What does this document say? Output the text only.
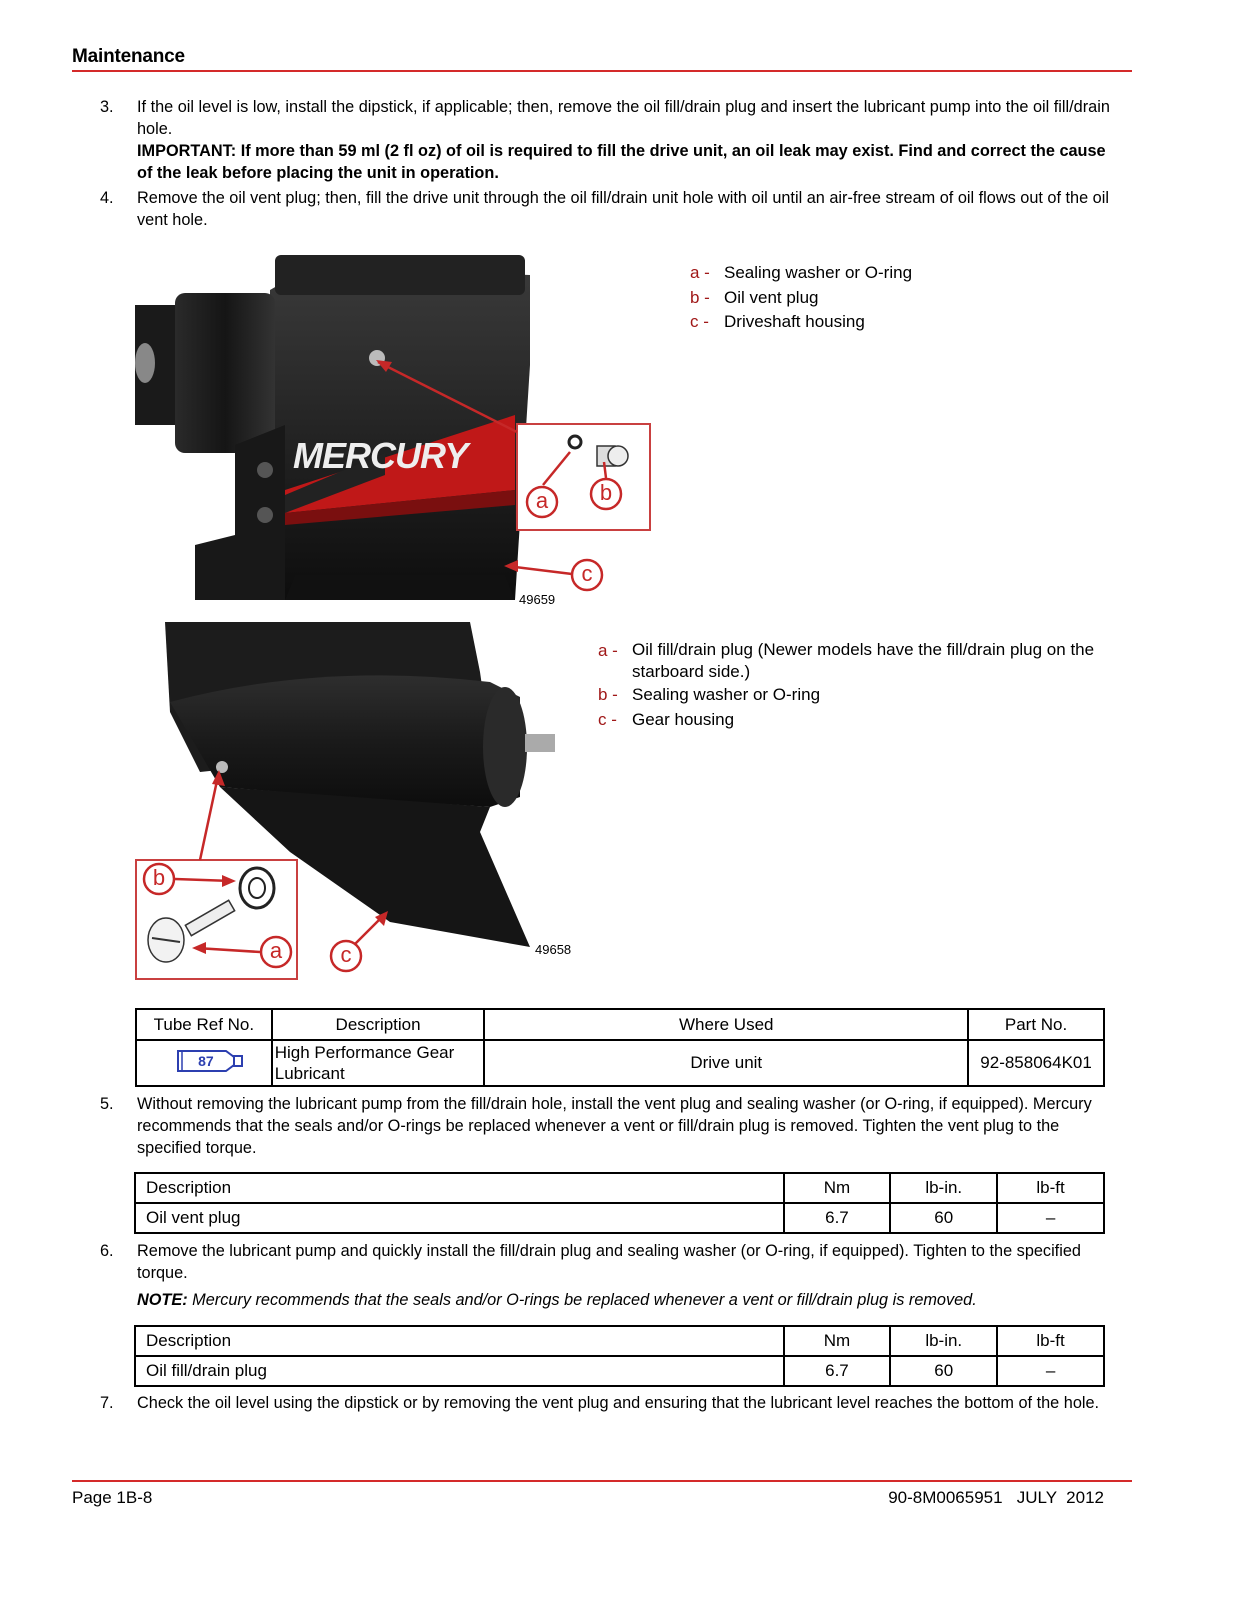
Maintenance
3.	If the oil level is low, install the dipstick, if applicable; then, remove the oil fill/drain plug and insert the lubricant pump into the oil fill/drain hole.
IMPORTANT: If more than 59 ml (2 fl oz) of oil is required to fill the drive unit, an oil leak may exist. Find and correct the cause of the leak before placing the unit in operation.
4.	Remove the oil vent plug; then, fill the drive unit through the oil fill/drain unit hole with oil until an air-free stream of oil flows out of the oil vent hole.
MERCURY
a b
c
49659
a - Sealing washer or O-ring
b - Oil vent plug
c - Driveshaft housing
a
b
c	49658
a - Oil fill/drain plug (Newer models have the fill/drain plug on the starboard side.)
b - Sealing washer or O-ring
c - Gear housing
Tube Ref No.	Description	Where Used	Part No.

87	High Performance Gear Lubricant	Drive unit	92-858064K01
5.	Without removing the lubricant pump from the fill/drain hole, install the vent plug and sealing washer (or O-ring, if equipped). Mercury recommends that the seals and/or O-rings be replaced whenever a vent or fill/drain plug is removed. Tighten the vent plug to the specified torque.
Description	Nm	lb-in.	lb-ft
Oil vent plug	6.7	60	–
6.	Remove the lubricant pump and quickly install the fill/drain plug and sealing washer (or O-ring, if equipped). Tighten to the specified torque.
NOTE: Mercury recommends that the seals and/or O-rings be replaced whenever a vent or fill/drain plug is removed.
Description	Nm	lb-in.	lb-ft
Oil fill/drain plug	6.7	60	–
7.	Check the oil level using the dipstick or by removing the vent plug and ensuring that the lubricant level reaches the bottom of the hole.
Page 1B-8	90-8M0065951   JULY  2012
